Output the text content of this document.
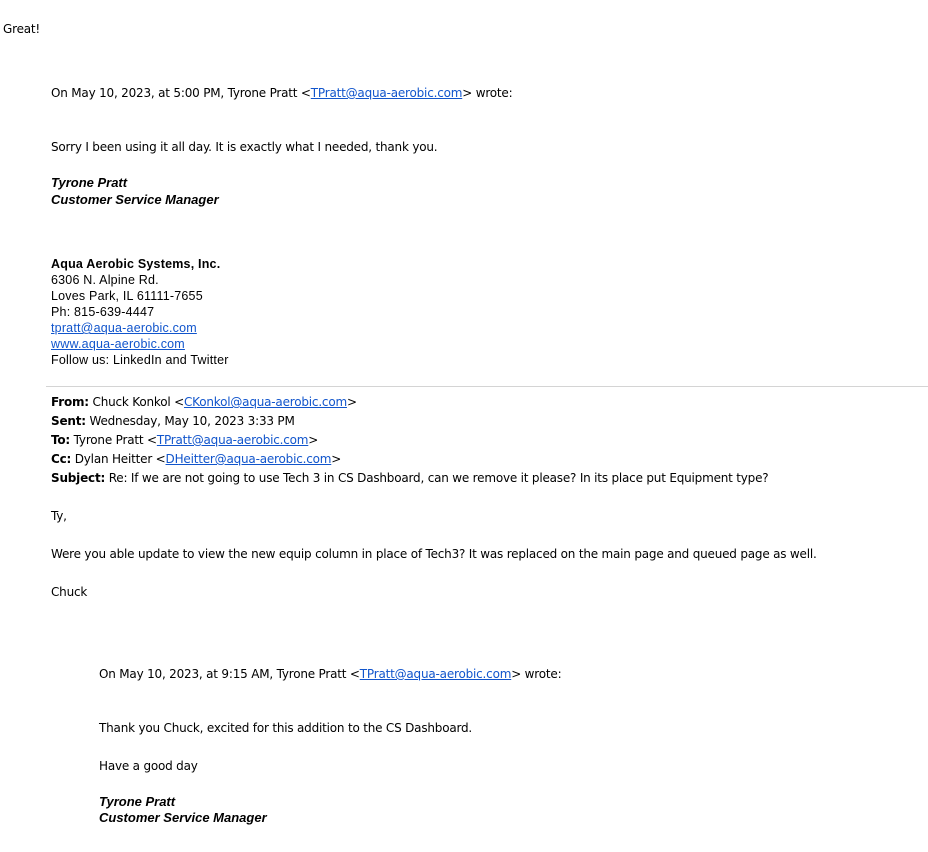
Great!
On May 10, 2023, at 5:00 PM, Tyrone Pratt <TPratt@aqua-aerobic.com> wrote:
Sorry I been using it all day. It is exactly what I needed, thank you.
Tyrone Pratt
Customer Service Manager
Aqua Aerobic Systems, Inc.
6306 N. Alpine Rd.
Loves Park, IL 61111-7655
Ph: 815-639-4447
tpratt@aqua-aerobic.com
www.aqua-aerobic.com
Follow us: LinkedIn and Twitter
From: Chuck Konkol <CKonkol@aqua-aerobic.com>
Sent: Wednesday, May 10, 2023 3:33 PM
To: Tyrone Pratt <TPratt@aqua-aerobic.com>
Cc: Dylan Heitter <DHeitter@aqua-aerobic.com>
Subject: Re: If we are not going to use Tech 3 in CS Dashboard, can we remove it please? In its place put Equipment type?
Ty,
Were you able update to view the new equip column in place of Tech3? It was replaced on the main page and queued page as well.
Chuck
On May 10, 2023, at 9:15 AM, Tyrone Pratt <TPratt@aqua-aerobic.com> wrote:
Thank you Chuck, excited for this addition to the CS Dashboard.
Have a good day
Tyrone Pratt
Customer Service Manager
